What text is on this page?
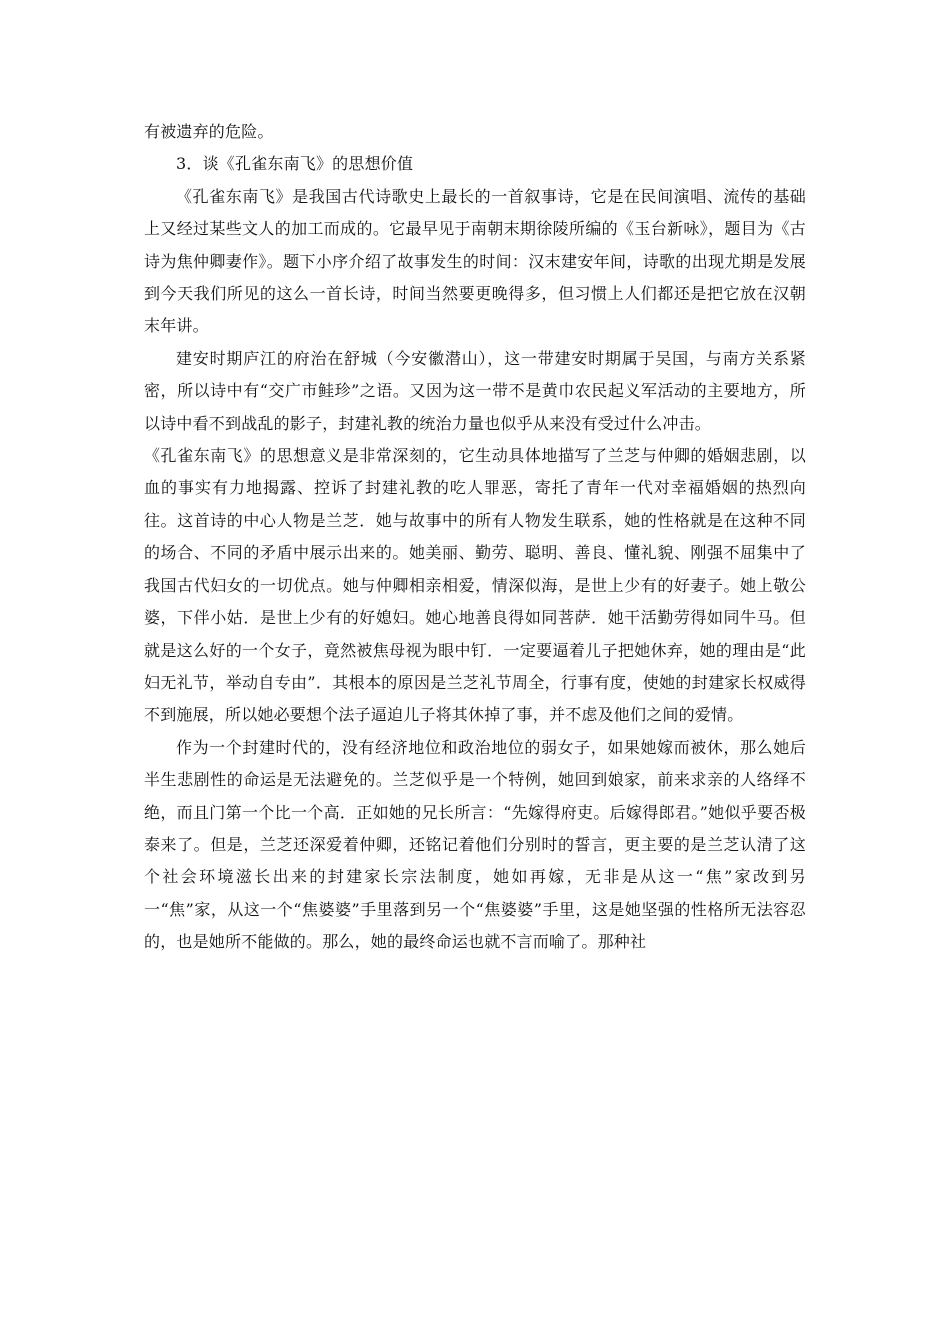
有被遗弃的危险。

3．谈《孔雀东南飞》的思想价值

《孔雀东南飞》是我国古代诗歌史上最长的一首叙事诗，它是在民间演唱、流传的基础上又经过某些文人的加工而成的。它最早见于南朝末期徐陵所编的《玉台新咏》，题目为《古诗为焦仲卿妻作》。题下小序介绍了故事发生的时间：汉末建安年间，诗歌的出现尤期是发展到今天我们所见的这么一首长诗，时间当然要更晚得多，但习惯上人们都还是把它放在汉朝末年讲。

建安时期庐江的府治在舒城（今安徽潜山），这一带建安时期属于吴国，与南方关系紧密，所以诗中有“交广市鲑珍”之语。又因为这一带不是黄巾农民起义军活动的主要地方，所以诗中看不到战乱的影子，封建礼教的统治力量也似乎从来没有受过什么冲击。

《孔雀东南飞》的思想意义是非常深刻的，它生动具体地描写了兰芝与仲卿的婚姻悲剧，以血的事实有力地揭露、控诉了封建礼教的吃人罪恶，寄托了青年一代对幸福婚姻的热烈向往。这首诗的中心人物是兰芝．她与故事中的所有人物发生联系，她的性格就是在这种不同的场合、不同的矛盾中展示出来的。她美丽、勤劳、聪明、善良、懂礼貌、刚强不屈集中了我国古代妇女的一切优点。她与仲卿相亲相爱，情深似海，是世上少有的好妻子。她上敬公婆，下伴小姑．是世上少有的好媳妇。她心地善良得如同菩萨．她干活勤劳得如同牛马。但就是这么好的一个女子，竟然被焦母视为眼中钉．一定要逼着儿子把她休弃，她的理由是“此妇无礼节，举动自专由”．其根本的原因是兰芝礼节周全，行事有度，使她的封建家长权威得不到施展，所以她必要想个法子逼迫儿子将其休掉了事，并不虑及他们之间的爱情。

作为一个封建时代的，没有经济地位和政治地位的弱女子，如果她嫁而被休，那么她后半生悲剧性的命运是无法避免的。兰芝似乎是一个特例，她回到娘家，前来求亲的人络绎不绝，而且门第一个比一个高．正如她的兄长所言：“先嫁得府吏。后嫁得郎君。”她似乎要否极泰来了。但是，兰芝还深爱着仲卿，还铭记着他们分别时的誓言，更主要的是兰芝认清了这个社会环境滋长出来的封建家长宗法制度，她如再嫁，无非是从这一“焦”家改到另一“焦”家，从这一个“焦婆婆”手里落到另一个“焦婆婆”手里，这是她坚强的性格所无法容忍的，也是她所不能做的。那么，她的最终命运也就不言而喻了。那种社
